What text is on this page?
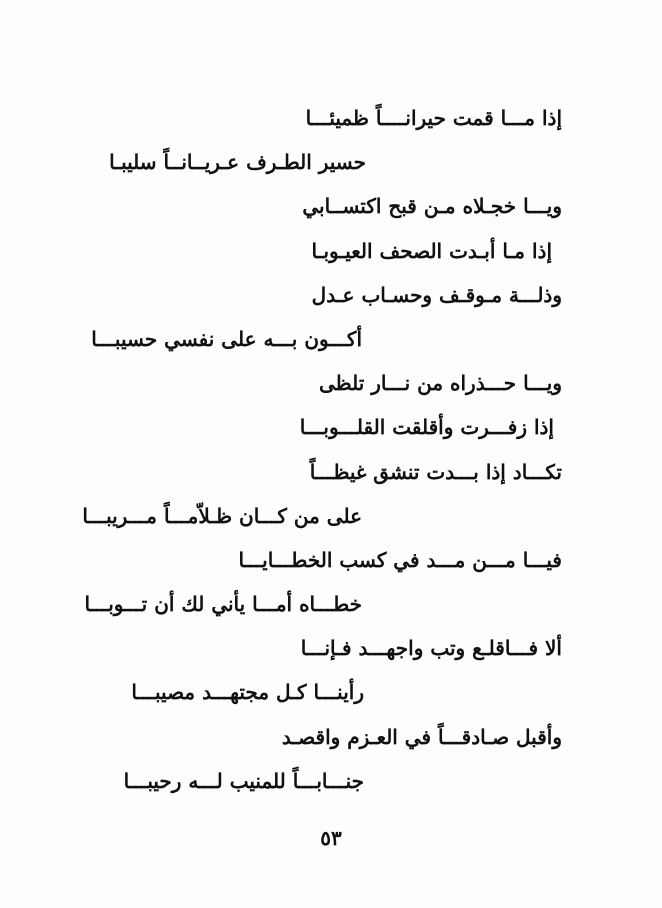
إذا مـــا قمت حيرانــــاً ظميئـــا
حسير الطـرف عـريــانــاً سليبـا
ويـــا خجـلاه مـن قبح اكتســابي
إذا مـا أبـدت الصحف العيـوبـا
وذلـــة مـوقـف وحسـاب عـدل
أكـــون بـــه على نفسي حسيبـــا
ويـــا حـــذراه من نـــار تلظى
إذا زفـــرت وأقلقت القلـــوبـــا
تكـــاد إذا بـــدت تنشق غيظـــاً
على من كـــان ظـلاّمـــاً مـــريبـــا
فيـــا مـــن مـــد في كسب الخطـــايـــا
خطـــاه أمـــا يأني لك أن تـــوبـــا
ألا فـــاقلـع وتب واجهـــد فـإنـــا
رأينـــا كـل مجتهـــد مصيبـــا
وأقبل صـادقـــاً في العـزم واقصـد
جنـــابـــاً للمنيب لـــه رحيبـــا
٥٣
